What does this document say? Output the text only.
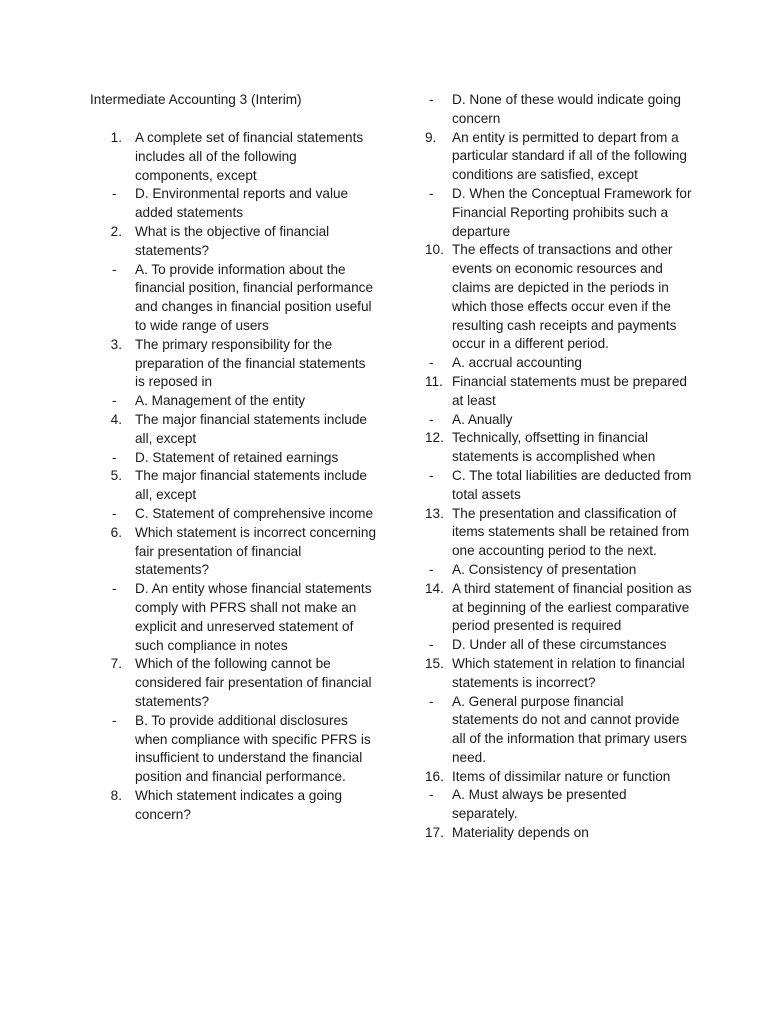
Intermediate Accounting 3 (Interim)
1. A complete set of financial statements includes all of the following components, except
-	D. Environmental reports and value added statements
2. What is the objective of financial statements?
-	A. To provide information about the financial position, financial performance and changes in financial position useful to wide range of users
3. The primary responsibility for the preparation of the financial statements is reposed in
-	A. Management of the entity
4. The major financial statements include all, except
-	D. Statement of retained earnings
5. The major financial statements include all, except
-	C. Statement of comprehensive income
6. Which statement is incorrect concerning fair presentation of financial statements?
-	D. An entity whose financial statements comply with PFRS shall not make an explicit and unreserved statement of such compliance in notes
7. Which of the following cannot be considered fair presentation of financial statements?
-	B. To provide additional disclosures when compliance with specific PFRS is insufficient to understand the financial position and financial performance.
8. Which statement indicates a going concern?
-	D. None of these would indicate going concern
9.	An entity is permitted to depart from a particular standard if all of the following conditions are satisfied, except
-	D. When the Conceptual Framework for Financial Reporting prohibits such a departure
10. The effects of transactions and other events on economic resources and claims are depicted in the periods in which those effects occur even if the resulting cash receipts and payments occur in a different period.
-	A. accrual accounting
11. Financial statements must be prepared at least
-	A. Anually
12. Technically, offsetting in financial statements is accomplished when
-	C. The total liabilities are deducted from total assets
13. The presentation and classification of items statements shall be retained from one accounting period to the next.
-	A. Consistency of presentation
14. A third statement of financial position as at beginning of the earliest comparative period presented is required
-	D. Under all of these circumstances
15. Which statement in relation to financial statements is incorrect?
-	A. General purpose financial statements do not and cannot provide all of the information that primary users need.
16. Items of dissimilar nature or function
-	A. Must always be presented separately.
17. Materiality depends on
